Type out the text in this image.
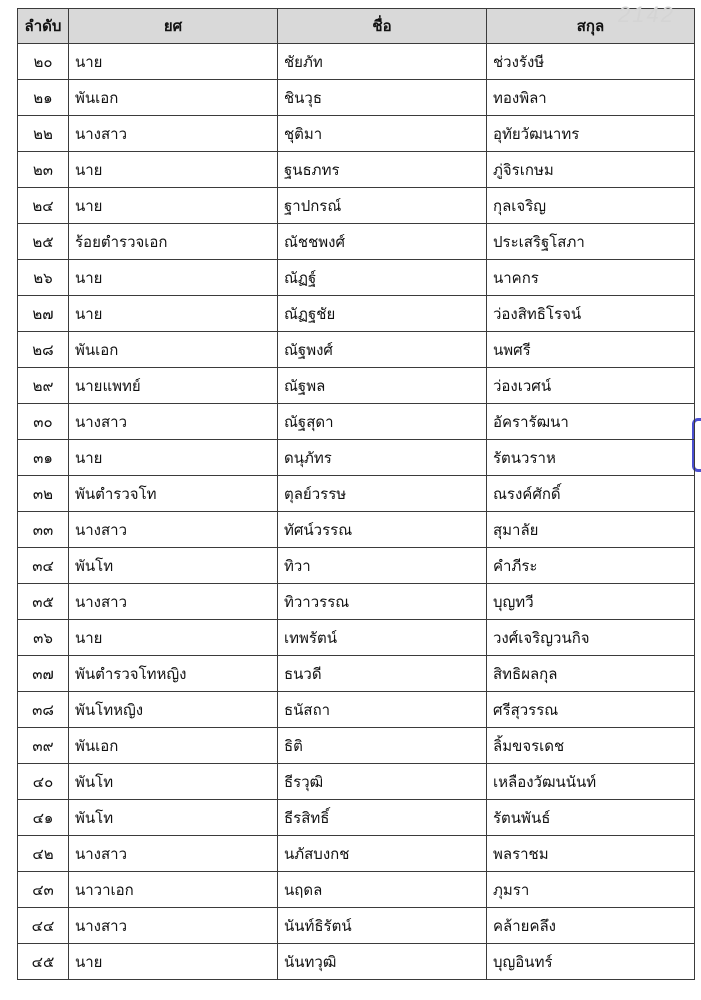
2142
ลำดับ	ยศ	ชื่อ	สกุล
๒๐	นาย	ชัยภัท	ช่วงรังษี
๒๑	พันเอก	ชินวุธ	ทองพิลา
๒๒	นางสาว	ชุติมา	อุทัยวัฒนาทร
๒๓	นาย	ฐนธภทร	ภู่จิรเกษม
๒๔	นาย	ฐาปกรณ์	กุลเจริญ
๒๕	ร้อยตำรวจเอก	ณัชชพงศ์	ประเสริฐโสภา
๒๖	นาย	ณัฏฐ์	นาคกร
๒๗	นาย	ณัฏฐชัย	ว่องสิทธิโรจน์
๒๘	พันเอก	ณัฐพงศ์	นพศรี
๒๙	นายแพทย์	ณัฐพล	ว่องเวศน์
๓๐	นางสาว	ณัฐสุดา	อัครารัฒนา
๓๑	นาย	ดนุภัทร	รัตนวราห
๓๒	พันตำรวจโท	ตุลย์วรรษ	ณรงค์ศักดิ์
๓๓	นางสาว	ทัศน์วรรณ	สุมาลัย
๓๔	พันโท	ทิวา	คำภีระ
๓๕	นางสาว	ทิวาวรรณ	บุญทวี
๓๖	นาย	เทพรัตน์	วงศ์เจริญวนกิจ
๓๗	พันตำรวจโทหญิง	ธนวดี	สิทธิผลกุล
๓๘	พันโทหญิง	ธนัสถา	ศรีสุวรรณ
๓๙	พันเอก	ธิติ	ลิ้มขจรเดช
๔๐	พันโท	ธีรวุฒิ	เหลืองวัฒนนันท์
๔๑	พันโท	ธีรสิทธิ์	รัตนพันธ์
๔๒	นางสาว	นภัสบงกช	พลราชม
๔๓	นาวาเอก	นฤดล	ภุมรา
๔๔	นางสาว	นันท์ธิรัตน์	คล้ายคลึง
๔๕	นาย	นันทวุฒิ	บุญอินทร์
